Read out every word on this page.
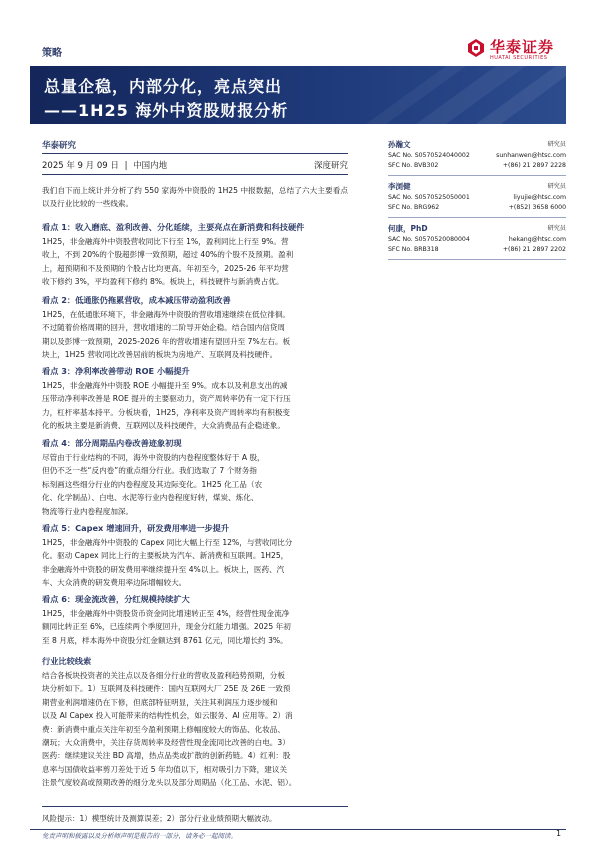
策略	华泰证券
HUATAI SECURITIES
总量企稳，内部分化，亮点突出
——1H25 海外中资股财报分析
华泰研究
2025 年 9 月 09 日 | 中国内地	深度研究
我们自下而上统计并分析了约 550 家海外中资股的 1H25 中报数据，总结了六大主要看点以及行业比较的一些线索。
看点 1：收入磨底、盈利改善、分化延续，主要亮点在新消费和科技硬件

1H25，非金融海外中资股营收同比下行至 1%，盈利同比上行至 9%。营

收上，不到 20%的个股超彭博一致预期，超过 40%的个股不及预期。盈利

上，超预期和不及预期的个股占比均更高。年初至今，2025-26 年平均营

收下修约 3%，平均盈利下修约 8%。板块上，科技硬件与新消费占优。

看点 2：低通胀仍拖累营收，成本减压带动盈利改善

1H25，在低通胀环境下，非金融海外中资股的营收增速继续在低位徘徊。

不过随着价格周期的回升，营收增速的二阶导开始企稳。结合国内信贷周

期以及彭博一致预期，2025-2026 年的营收增速有望回升至 7%左右。板

块上，1H25 营收同比改善居前的板块为房地产、互联网及科技硬件。

看点 3：净利率改善带动 ROE 小幅提升

1H25，非金融海外中资股 ROE 小幅提升至 9%。成本以及利息支出的减

压带动净利率改善是 ROE 提升的主要驱动力，资产周转率仍有一定下行压

力，杠杆率基本持平。分板块看，1H25，净利率及资产周转率均有积极变

化的板块主要是新消费、互联网以及科技硬件，大众消费品有企稳迹象。

看点 4：部分周期品内卷改善迹象初现

尽管由于行业结构的不同，海外中资股的内卷程度整体好于 A 股，

但仍不乏一些“反内卷”的重点细分行业。我们选取了 7 个财务指

标刻画这些细分行业的内卷程度及其边际变化。1H25 化工品（农

化、化学制品）、白电、水泥等行业内卷程度好转，煤炭、炼化、

物流等行业内卷程度加深。

看点 5：Capex 增速回升，研发费用率进一步提升

1H25，非金融海外中资股的 Capex 同比大幅上行至 12%，与营收同比分

化。驱动 Capex 同比上行的主要板块为汽车、新消费和互联网。1H25，

非金融海外中资股的研发费用率继续提升至 4%以上。板块上，医药、汽

车、大众消费的研发费用率边际增幅较大。

看点 6：现金流改善，分红规模持续扩大

1H25，非金融海外中资股货币资金同比增速转正至 4%，经营性现金流净

额同比转正至 6%，已连续两个季度回升，现金分红能力增强。2025 年初

至 8 月底，样本海外中资股分红金额达到 8761 亿元，同比增长约 3%。

行业比较线索

结合各板块投资者的关注点以及各细分行业的营收及盈利趋势预期，分板

块分析如下。1）互联网及科技硬件：国内互联网大厂 25E 及 26E 一致预

期营业利润增速仍在下修，但底部特征明显，关注其利润压力逐步缓和

以及 AI Capex 投入可能带来的结构性机会，如云服务、AI 应用等。2）消

费：新消费中重点关注年初至今盈利预期上修幅度较大的饰品、化妆品、

潮玩；大众消费中，关注存货周转率及经营性现金流同比改善的白电。3）

医药：继续建议关注 BD 高增，热点品类或扩散的创新药链。4）红利：股

息率与国债收益率剪刀差处于近 5 年均值以下，相对吸引力下降，建议关

注景气度较高或预期改善的细分龙头以及部分周期品（化工品、水泥、铝）。

孙瀚文	研究员
SAC No. S0570524040002	sunhanwen@htsc.com
SFC No. BVB302	+(86) 21 2897 2228
李浏健	研究员
SAC No. S0570525050001	liyujie@htsc.com
SFC No. BRG962	+(852) 3658 6000
何康，PhD	研究员
SAC No. S0570520080004	hekang@htsc.com
SFC No. BRB318	+(86) 21 2897 2202
风险提示：1）模型统计及测算误差；2）部分行业业绩预期大幅波动。
免责声明和披露以及分析师声明是报告的一部分，请务必一起阅读。	1
